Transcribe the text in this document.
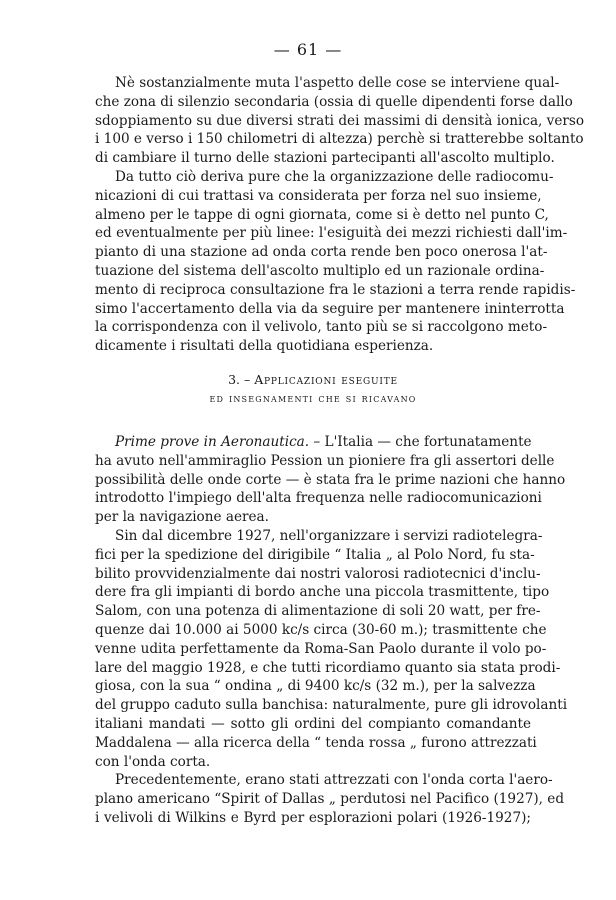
— 61 —
Nè sostanzialmente muta l'aspetto delle cose se interviene qual-
che zona di silenzio secondaria (ossia di quelle dipendenti forse dallo
sdoppiamento su due diversi strati dei massimi di densità ionica, verso
i 100 e verso i 150 chilometri di altezza) perchè si tratterebbe soltanto
di cambiare il turno delle stazioni partecipanti all'ascolto multiplo.
Da tutto ciò deriva pure che la organizzazione delle radiocomu-
nicazioni di cui trattasi va considerata per forza nel suo insieme,
almeno per le tappe di ogni giornata, come si è detto nel punto C,
ed eventualmente per più linee: l'esiguità dei mezzi richiesti dall'im-
pianto di una stazione ad onda corta rende ben poco onerosa l'at-
tuazione del sistema dell'ascolto multiplo ed un razionale ordina-
mento di reciproca consultazione fra le stazioni a terra rende rapidis-
simo l'accertamento della via da seguire per mantenere ininterrotta
la corrispondenza con il velivolo, tanto più se si raccolgono meto-
dicamente i risultati della quotidiana esperienza.
3. – Applicazioni eseguite
ed insegnamenti che si ricavano
Prime prove in Aeronautica. – L'Italia — che fortunatamente
ha avuto nell'ammiraglio Pession un pioniere fra gli assertori delle
possibilità delle onde corte — è stata fra le prime nazioni che hanno
introdotto l'impiego dell'alta frequenza nelle radiocomunicazioni
per la navigazione aerea.
Sin dal dicembre 1927, nell'organizzare i servizi radiotelegra-
fici per la spedizione del dirigibile “ Italia „ al Polo Nord, fu sta-
bilito provvidenzialmente dai nostri valorosi radiotecnici d'inclu-
dere fra gli impianti di bordo anche una piccola trasmittente, tipo
Salom, con una potenza di alimentazione di soli 20 watt, per fre-
quenze dai 10.000 ai 5000 kc/s circa (30-60 m.); trasmittente che
venne udita perfettamente da Roma-San Paolo durante il volo po-
lare del maggio 1928, e che tutti ricordiamo quanto sia stata prodi-
giosa, con la sua “ ondina „ di 9400 kc/s (32 m.), per la salvezza
del gruppo caduto sulla banchisa: naturalmente, pure gli idrovolanti
italiani mandati — sotto gli ordini del compianto comandante
Maddalena — alla ricerca della “ tenda rossa „ furono attrezzati
con l'onda corta.
Precedentemente, erano stati attrezzati con l'onda corta l'aero-
plano americano “Spirit of Dallas „ perdutosi nel Pacifico (1927), ed
i velivoli di Wilkins e Byrd per esplorazioni polari (1926-1927);
